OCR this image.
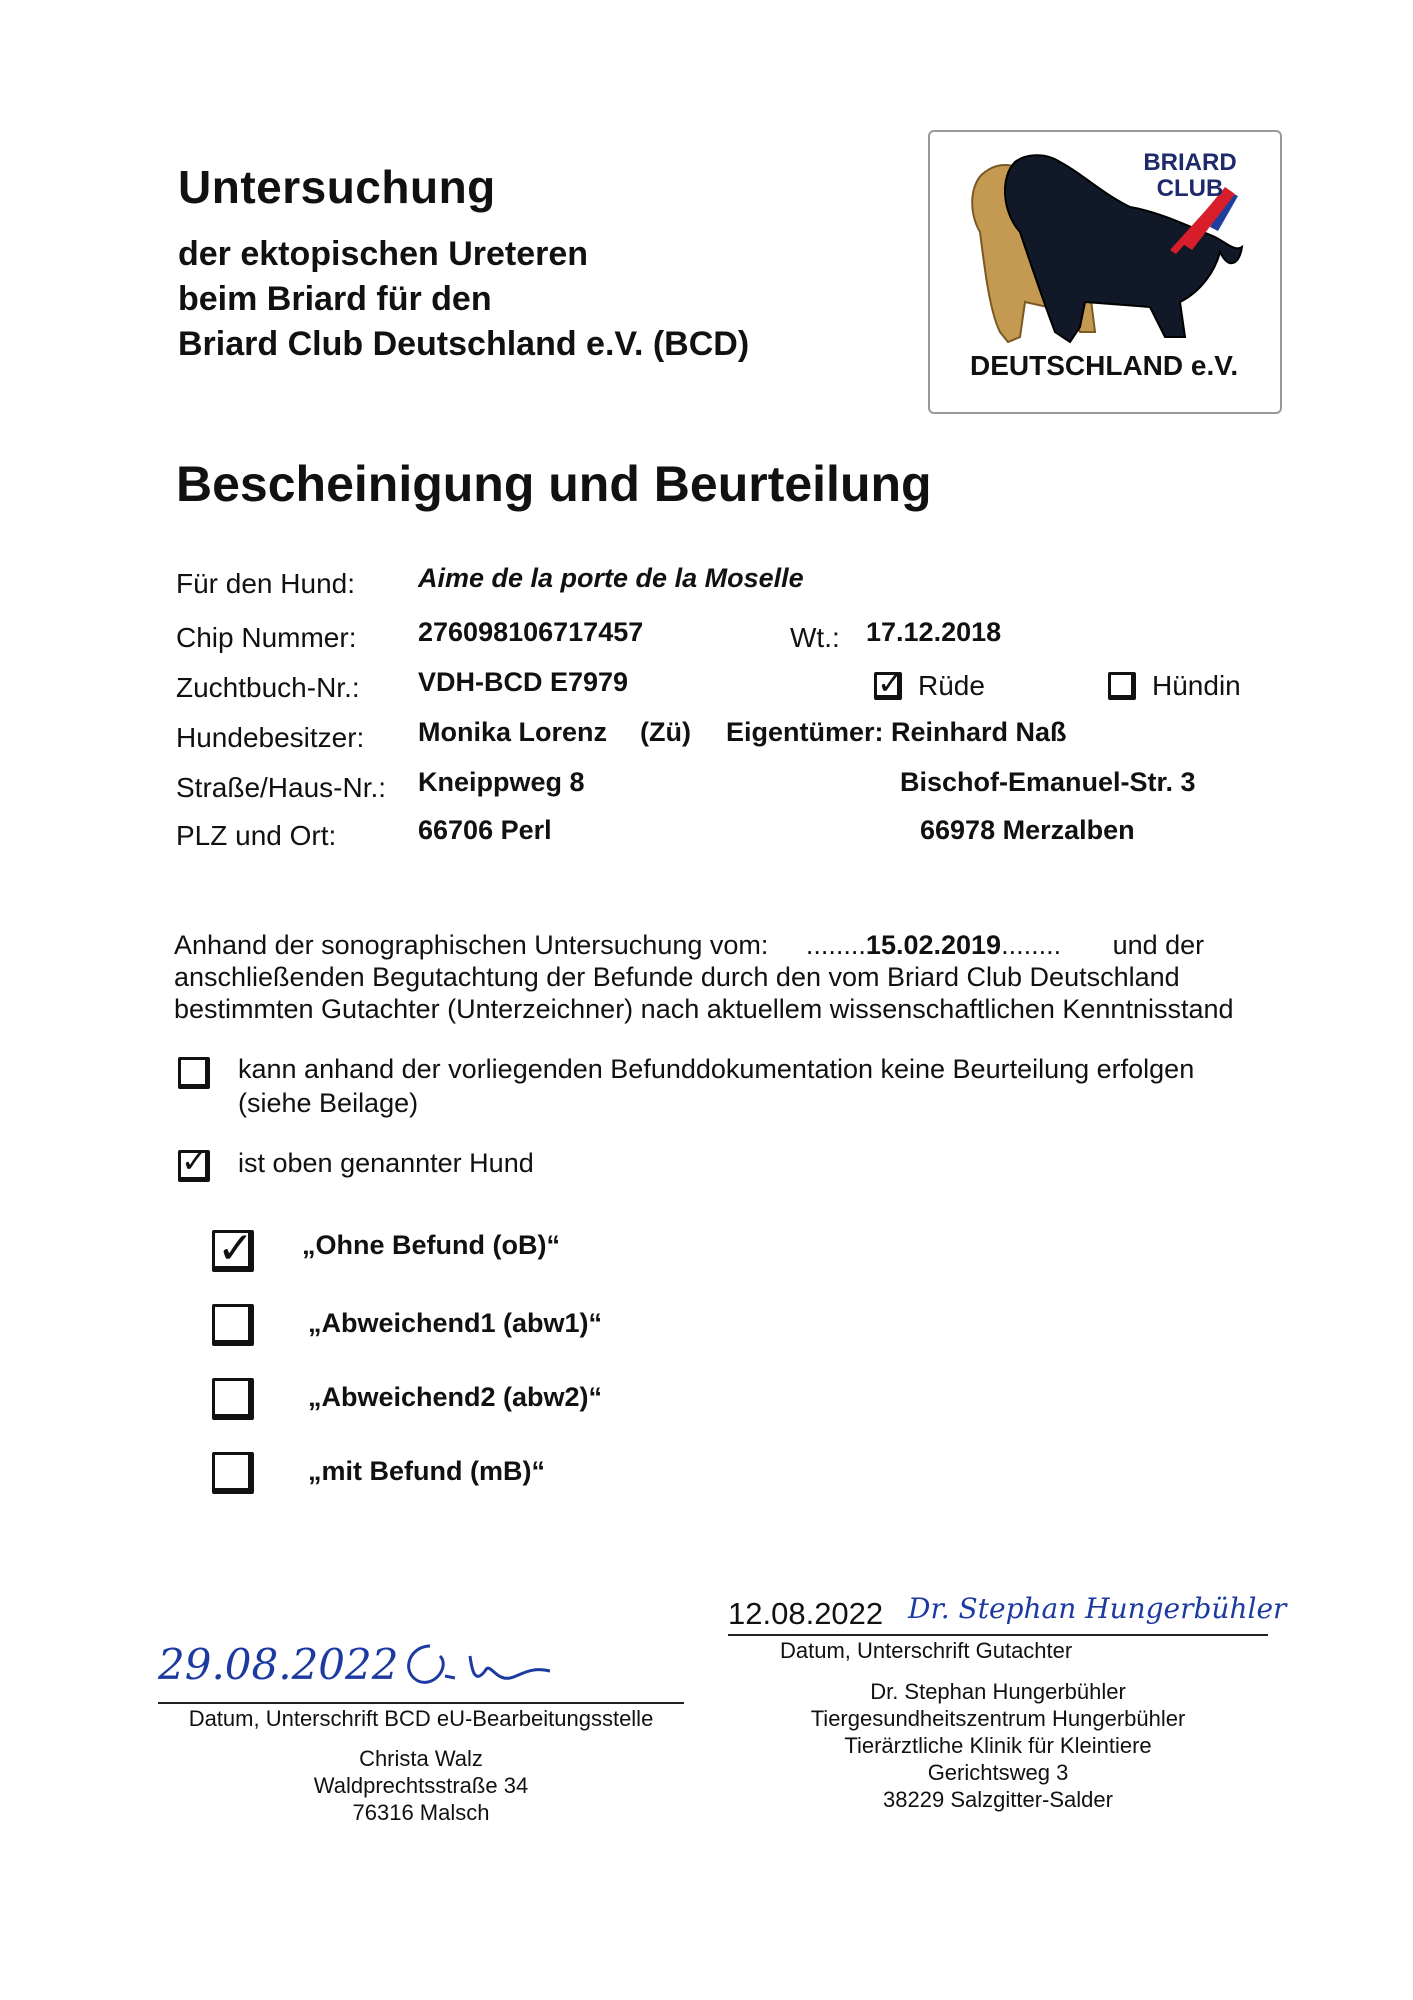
Untersuchung
der ektopischen Ureteren
beim Briard für den
Briard Club Deutschland e.V. (BCD)
BRIARD CLUB
DEUTSCHLAND e.V.
Bescheinigung und Beurteilung
Für den Hund: Aime de la porte de la Moselle
Chip Nummer: 276098106717457	Wt.: 17.12.2018
Zuchtbuch-Nr.: VDH-BCD E7979	✓ Rüde	Hündin
Hundebesitzer: Monika Lorenz (Zü) Eigentümer: Reinhard Naß
Straße/Haus-Nr.: Kneippweg 8	Bischof-Emanuel-Str. 3
PLZ und Ort:	66706 Perl	66978 Merzalben
Anhand der sonographischen Untersuchung vom: ........15.02.2019........ und der
anschließenden Begutachtung der Befunde durch den vom Briard Club Deutschland
bestimmten Gutachter (Unterzeichner) nach aktuellem wissenschaftlichen Kenntnisstand
kann anhand der vorliegenden Befunddokumentation keine Beurteilung erfolgen
(siehe Beilage)
✓ ist oben genannter Hund
✓ „Ohne Befund (oB)“
„Abweichend1 (abw1)“
„Abweichend2 (abw2)“
„mit Befund (mB)“
29.08.2022
Datum, Unterschrift BCD eU-Bearbeitungsstelle
Christa Walz
Waldprechtsstraße 34
76316 Malsch
12.08.2022 Dr. Stephan Hungerbühler
Datum, Unterschrift Gutachter
Dr. Stephan Hungerbühler
Tiergesundheitszentrum Hungerbühler
Tierärztliche Klinik für Kleintiere
Gerichtsweg 3
38229 Salzgitter-Salder
